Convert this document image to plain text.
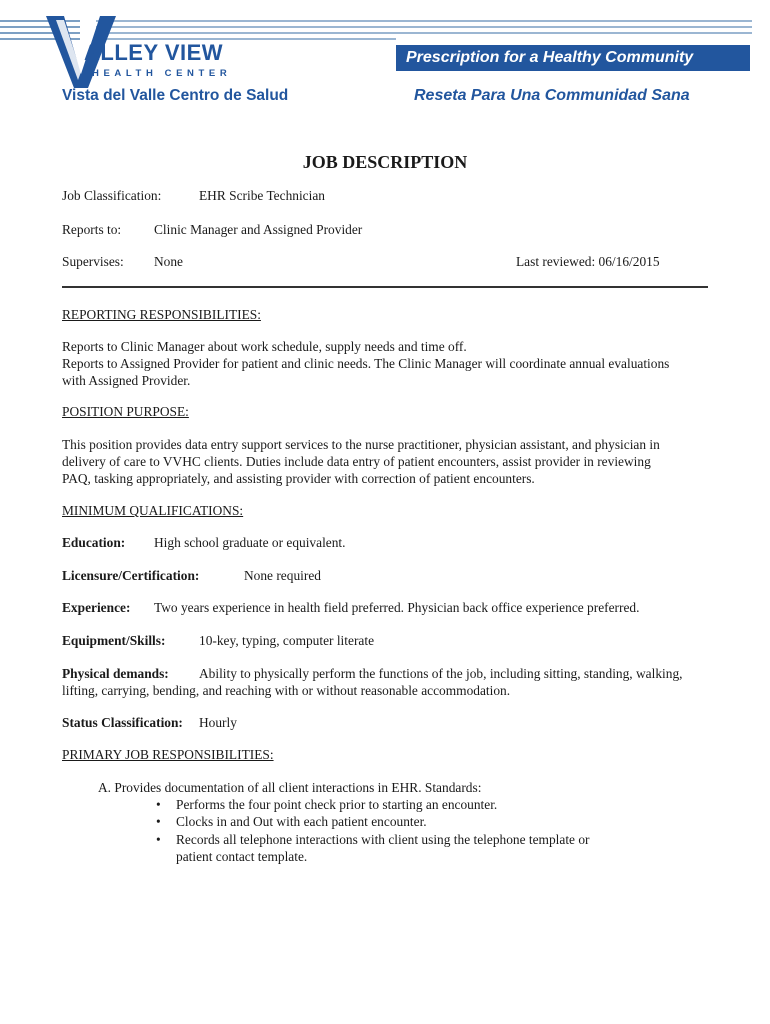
ALLEY VIEW
HEALTH CENTER
Vista del Valle Centro de Salud
Prescription for a Healthy Community
Reseta Para Una Communidad Sana
JOB DESCRIPTION
Job Classification:	EHR Scribe Technician
Reports to: Clinic Manager and Assigned Provider
Supervises: None	Last reviewed: 06/16/2015
REPORTING RESPONSIBILITIES:
Reports to Clinic Manager about work schedule, supply needs and time off.
Reports to Assigned Provider for patient and clinic needs. The Clinic Manager will coordinate annual evaluations
with Assigned Provider.
POSITION PURPOSE:
This position provides data entry support services to the nurse practitioner, physician assistant, and physician in
delivery of care to VVHC clients. Duties include data entry of patient encounters, assist provider in reviewing
PAQ, tasking appropriately, and assisting provider with correction of patient encounters.
MINIMUM QUALIFICATIONS:
Education: High school graduate or equivalent.
Licensure/Certification:	None required
Experience: Two years experience in health field preferred. Physician back office experience preferred.
Equipment/Skills:	10-key, typing, computer literate
Physical demands: Ability to physically perform the functions of the job, including sitting, standing, walking,
lifting, carrying, bending, and reaching with or without reasonable accommodation.
Status Classification: Hourly
PRIMARY JOB RESPONSIBILITIES:
A. Provides documentation of all client interactions in EHR. Standards:
• Performs the four point check prior to starting an encounter.
• Clocks in and Out with each patient encounter.
• Records all telephone interactions with client using the telephone template or
patient contact template.
